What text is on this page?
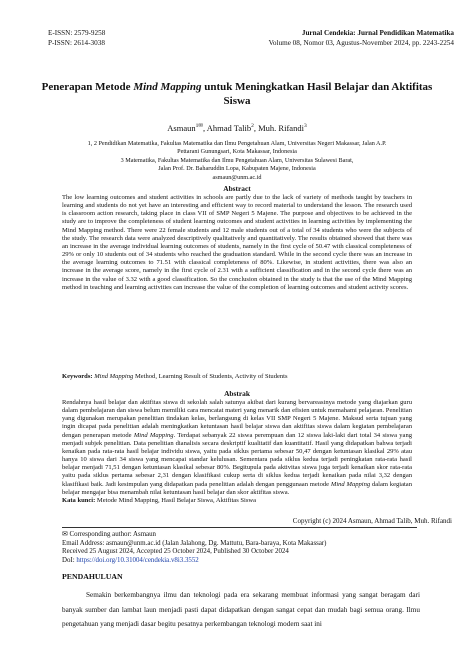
E-ISSN: 2579-9258
P-ISSN: 2614-3038
Jurnal Cendekia: Jurnal Pendidikan Matematika
Volume 08, Nomor 03, Agustus-November 2024, pp. 2243-2254
Penerapan Metode Mind Mapping untuk Meningkatkan Hasil Belajar dan Aktifitas Siswa
Asmaun$^{1✉}$, Ahmad Talib$^2$, Muh. Rifandi$^3$
1, 2 Pendidikan Matematika, Fakultas Matematika dan Ilmu Pengetahuan Alam, Universitas Negeri Makassar, Jalan A.P.
Pettarani Gunungsari, Kota Makassar, Indonesia
3 Matematika, Fakultas Matematika dan Ilmu Pengetahuan Alam, Universitas Sulawesi Barat,
Jalan Prof. Dr. Baharuddin Lopa, Kabupaten Majene, Indonesia
asmaun@unm.ac.id
Abstract
The low learning outcomes and student activities in schools are partly due to the lack of variety of methods taught by teachers in learning and students do not yet have an interesting and efficient way to record material to understand the lesson. The research used is classroom action research, taking place in class VII of SMP Negeri 5 Majene. The purpose and objectives to be achieved in the study are to improve the completeness of student learning outcomes and student activities in learning activities by implementing the Mind Mapping method. There were 22 female students and 12 male students out of a total of 34 students who were the subjects of the study. The research data were analyzed descriptively qualitatively and quantitatively. The results obtained showed that there was an increase in the average individual learning outcomes of students, namely in the first cycle of 50.47 with classical completeness of 29% or only 10 students out of 34 students who reached the graduation standard. While in the second cycle there was an increase in the average learning outcomes to 71.51 with classical completeness of 80%. Likewise, in student activities, there was also an increase in the average score, namely in the first cycle of 2.31 with a sufficient classification and in the second cycle there was an increase in the value of 3.32 with a good classification. So the conclusion obtained in the study is that the use of the Mind Mapping method in teaching and learning activities can increase the value of the completion of learning outcomes and student activity scores.
Keywords: Mind Mapping Method, Learning Result of Students, Activity of Students
Abstrak
Rendahnya hasil belajar dan aktifitas siswa di sekolah salah satunya akibat dari kurang bervareasinya metode yang diajarkan guru dalam pembelajaran dan siswa belum memiliki cara mencatat materi yang menarik dan efisien untuk memahami pelajaran. Penelitian yang digunakan merupakan penelitian tindakan kelas, berlangsung di kelas VII SMP Negeri 5 Majene. Maksud serta tujuan yang ingin dicapai pada penelitian adalah meningkatkan ketuntasan hasil belajar siswa dan aktifitas siswa dalam kegiatan pembelajaran dengan penerapan metode Mind Mapping. Terdapat sebanyak 22 siswa perempuan dan 12 siswa laki-laki dari total 34 siswa yang menjadi subjek penelitian. Data penelitian dianalisis secara deskriptif kualitatif dan kuantitatif. Hasil yang didapatkan bahwa terjadi kenaikan pada rata-rata hasil belajar individu siswa, yaitu pada siklus pertama sebesar 50,47 dengan ketuntasan klasikal 29% atau hanya 10 siswa dari 34 siswa yang mencapai standar kelulusan. Sementara pada siklus kedua terjadi peningkatan rata-rata hasil belajar menjadi 71,51 dengan ketuntasan klasikal sebesar 80%. Begitupula pada aktivitas siswa juga terjadi kenaikan skor rata-rata yaitu pada siklus pertama sebesar 2,31 dengan klasifikasi cukup serta di siklus kedua terjadi kenaikan pada nilai 3,32 dengan klasifikasi baik. Jadi kesimpulan yang didapatkan pada penelitian adalah dengan penggunaan metode Mind Mapping dalam kegiatan belajar mengajar bisa menambah nilai ketuntasan hasil belajar dan skor aktifitas siswa.
Kata kunci: Metode Mind Mapping, Hasil Belajar Siswa, Aktifitas Siswa
Copyright (c) 2024 Asmaun, Ahmad Talib, Muh. Rifandi
✉ Corresponding author: Asmaun
Email Address: asmaun@unm.ac.id (Jalan Jalahong, Dg. Mattutu, Bara-baraya, Kota Makassar)
Received 25 August 2024, Accepted 25 October 2024, Published 30 October 2024
DoI: https://doi.org/10.31004/cendekia.v8i3.3552
PENDAHULUAN
Semakin berkembangnya ilmu dan teknologi pada era sekarang membuat informasi yang sangat beragam dari banyak sumber dan lambat laun menjadi pasti dapat didapatkan dengan sangat cepat dan mudah bagi semua orang. Ilmu pengetahuan yang menjadi dasar begitu pesatnya perkembangan teknologi modern saat ini
